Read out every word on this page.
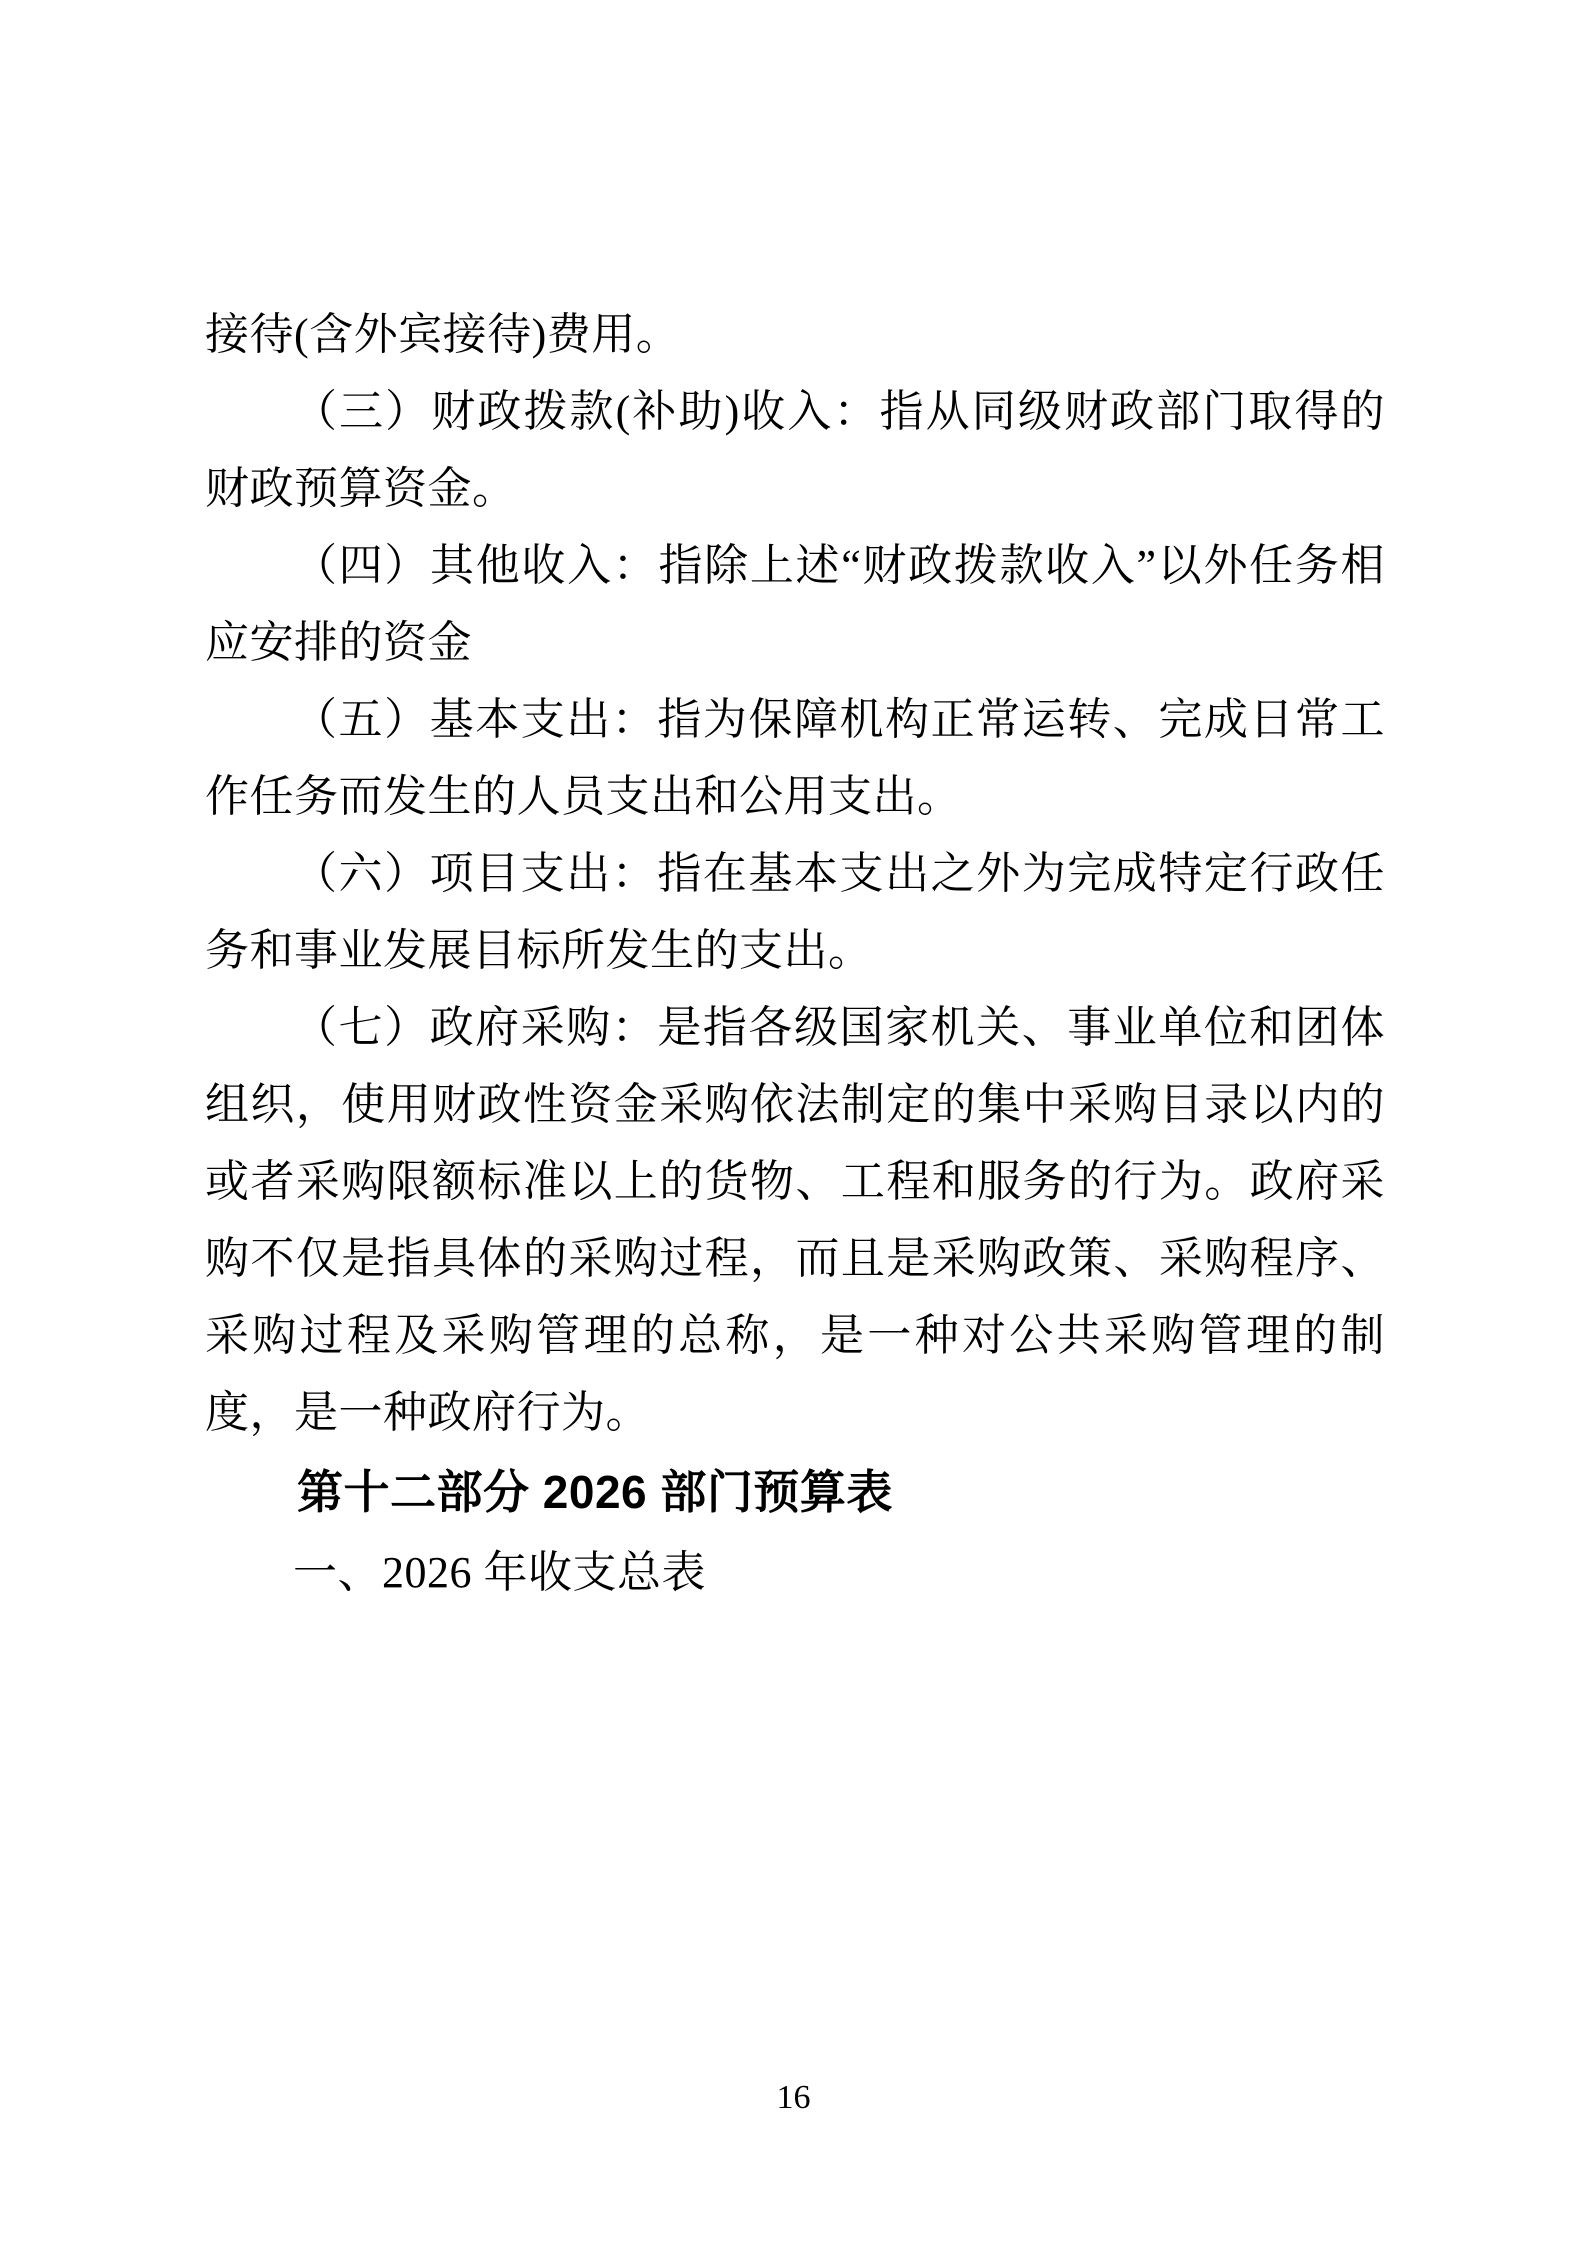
接待(含外宾接待)费用。

（三）财政拨款(补助)收入：指从同级财政部门取得的财政预算资金。

（四）其他收入：指除上述“财政拨款收入”以外任务相应安排的资金

（五）基本支出：指为保障机构正常运转、完成日常工作任务而发生的人员支出和公用支出。

（六）项目支出：指在基本支出之外为完成特定行政任务和事业发展目标所发生的支出。

（七）政府采购：是指各级国家机关、事业单位和团体组织，使用财政性资金采购依法制定的集中采购目录以内的或者采购限额标准以上的货物、工程和服务的行为。政府采购不仅是指具体的采购过程，而且是采购政策、采购程序、采购过程及采购管理的总称，是一种对公共采购管理的制度，是一种政府行为。

第十二部分 2026 部门预算表

一、2026 年收支总表

16
